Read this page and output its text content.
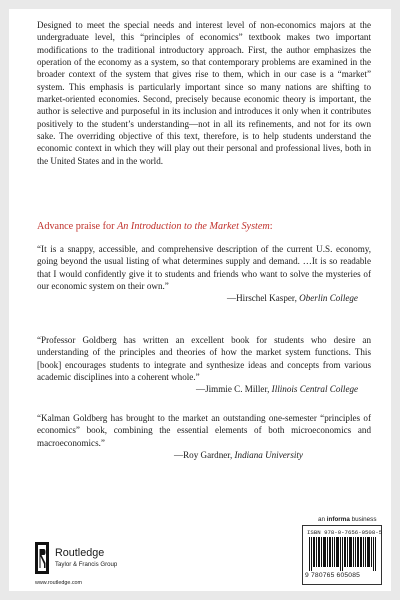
Designed to meet the special needs and interest level of non-economics majors at the undergraduate level, this “principles of economics” textbook makes two important modifications to the traditional introductory approach. First, the author emphasizes the operation of the economy as a system, so that contemporary problems are examined in the broader context of the system that gives rise to them, which in our case is a “market” system. This emphasis is particularly important since so many nations are shifting to market-oriented economies. Second, precisely because economic theory is important, the author is selective and purposeful in its inclusion and introduces it only when it contributes positively to the student’s understanding—not in all its refinements, and not for its own sake. The overriding objective of this text, therefore, is to help students understand the economic context in which they will play out their personal and professional lives, both in the United States and in the world.

Advance praise for An Introduction to the Market System:

“It is a snappy, accessible, and comprehensive description of the current U.S. economy, going beyond the usual listing of what determines supply and demand. …It is so readable that I would confidently give it to students and friends who want to solve the mysteries of our economic system on their own.”

—Hirschel Kasper, Oberlin College

“Professor Goldberg has written an excellent book for students who desire an understanding of the principles and theories of how the market system functions. This [book] encourages students to integrate and synthesize ideas and concepts from various academic disciplines into a coherent whole.”

—Jimmie C. Miller, Illinois Central College

“Kalman Goldberg has brought to the market an outstanding one-semester “principles of economics” book, combining the essential elements of both microeconomics and macroeconomics.”

—Roy Gardner, Indiana University

an informa business
Routledge
Taylor & Francis Group
www.routledge.com
ISBN 978-0-7656-0508-5
9 780765 605085
